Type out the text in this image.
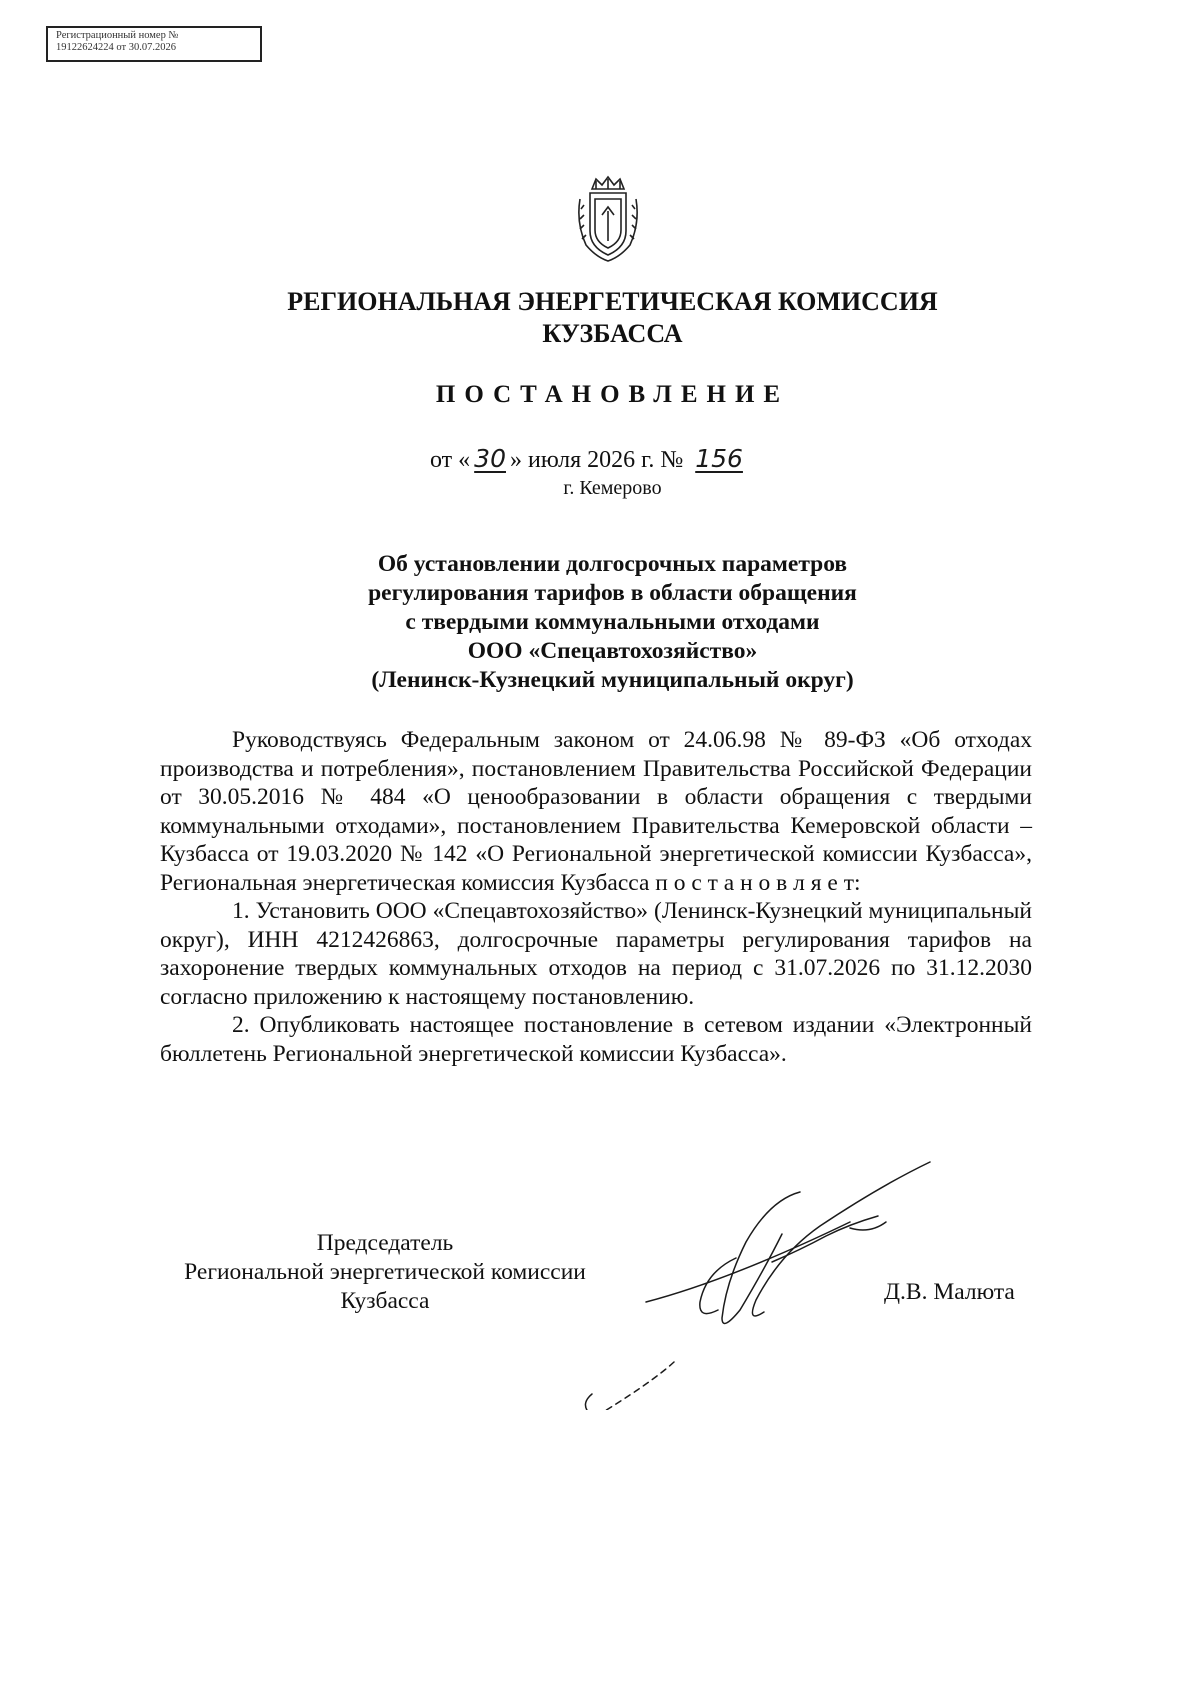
Регистрационный номер №
19122624224 от 30.07.2026
РЕГИОНАЛЬНАЯ ЭНЕРГЕТИЧЕСКАЯ КОМИССИЯ
КУЗБАССА
ПОСТАНОВЛЕНИЕ
от « 30 » июля 2026 г. № 156
г. Кемерово
Об установлении долгосрочных параметров
регулирования тарифов в области обращения
с твердыми коммунальными отходами
ООО «Спецавтохозяйство»
(Ленинск-Кузнецкий муниципальный округ)

Руководствуясь Федеральным законом от 24.06.98 № 89-ФЗ «Об отходах производства и потребления», постановлением Правительства Российской Федерации от 30.05.2016 № 484 «О ценообразовании в области обращения с твердыми коммунальными отходами», постановлением Правительства Кемеровской области – Кузбасса от 19.03.2020 № 142 «О Региональной энергетической комиссии Кузбасса», Региональная энергетическая комиссия Кузбасса п о с т а н о в л я е т:

1. Установить ООО «Спецавтохозяйство» (Ленинск-Кузнецкий муниципальный округ), ИНН 4212426863, долгосрочные параметры регулирования тарифов на захоронение твердых коммунальных отходов на период с 31.07.2026 по 31.12.2030 согласно приложению к настоящему постановлению.

2. Опубликовать настоящее постановление в сетевом издании «Электронный бюллетень Региональной энергетической комиссии Кузбасса».

Председатель
Региональной энергетической комиссии
Кузбасса	Д.В. Малюта
